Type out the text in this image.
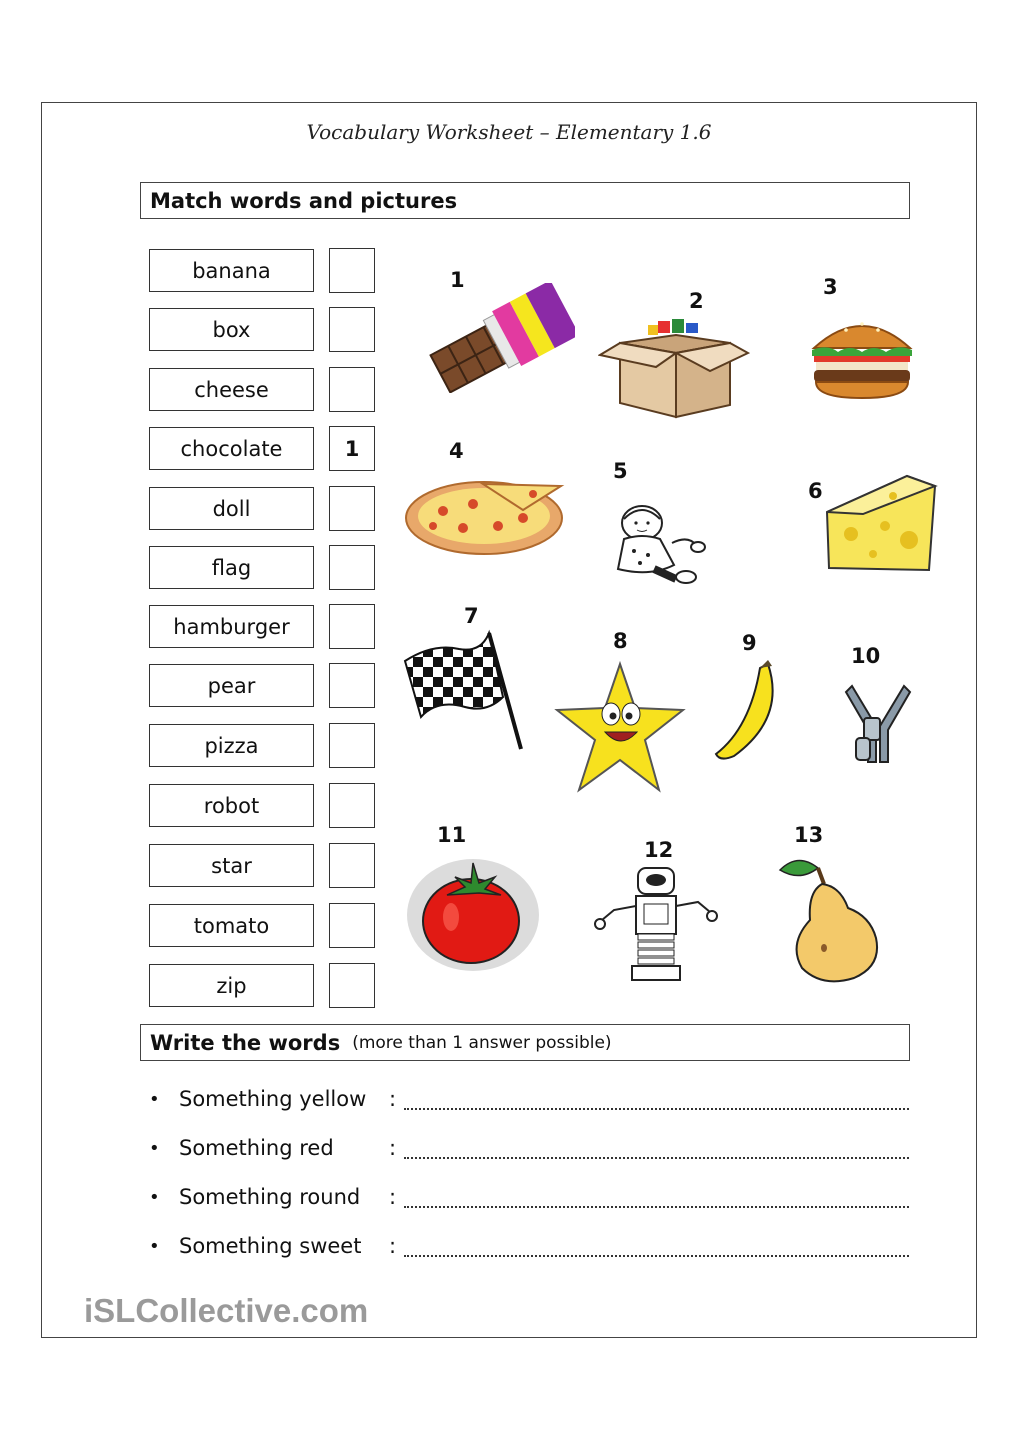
Vocabulary Worksheet – Elementary 1.6
Match words and pictures
banana
box
cheese
chocolate	1
doll
flag
hamburger
pear
pizza
robot
star
tomato
zip
1
2
3
4
5
6
7
8	9
10
11
12
13
Write the words (more than 1 answer possible)
• Something yellow	:
• Something red	:
• Something round	:
• Something sweet	:
iSLCollective.com
